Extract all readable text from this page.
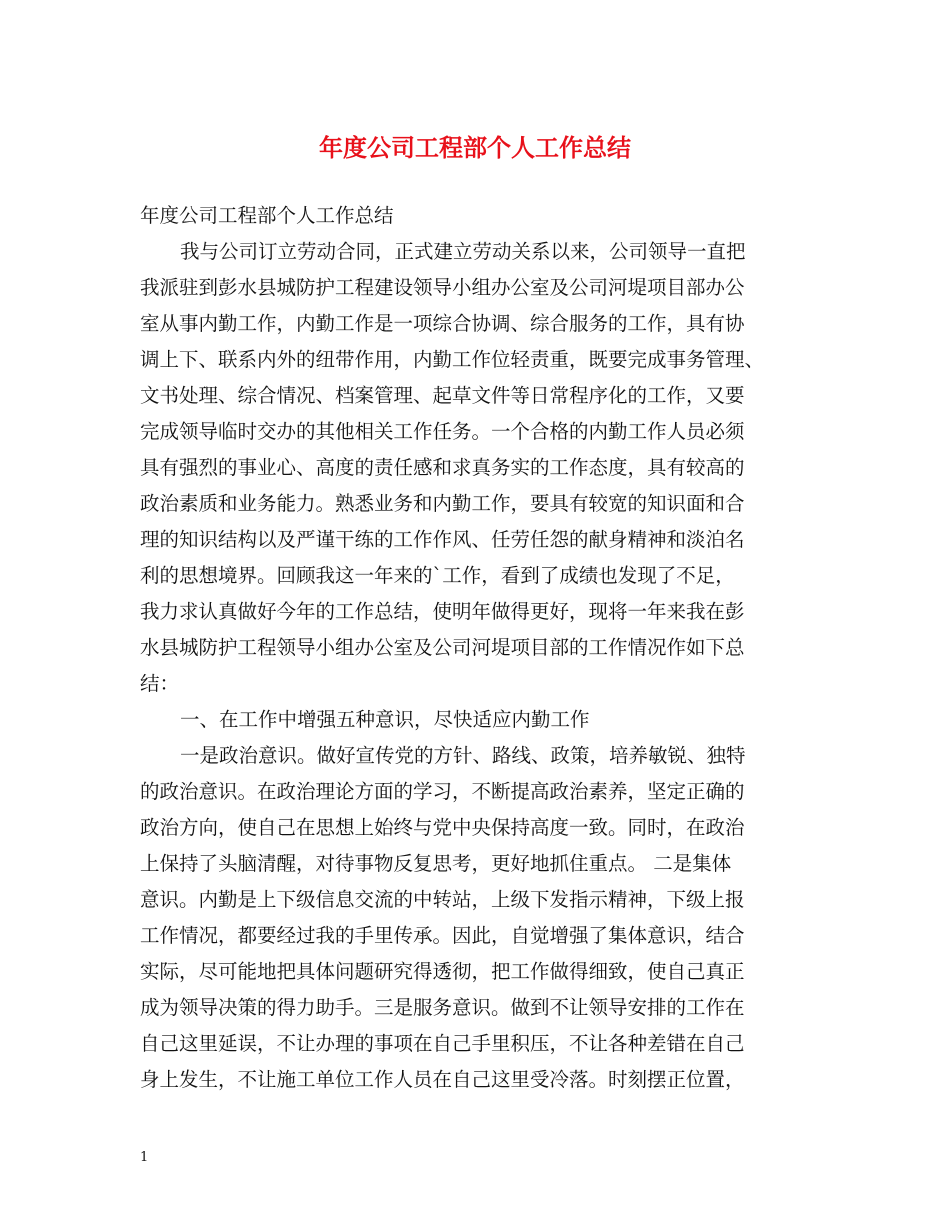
年度公司工程部个人工作总结
年度公司工程部个人工作总结
我与公司订立劳动合同，正式建立劳动关系以来，公司领导一直把
我派驻到彭水县城防护工程建设领导小组办公室及公司河堤项目部办公
室从事内勤工作，内勤工作是一项综合协调、综合服务的工作，具有协
调上下、联系内外的纽带作用，内勤工作位轻责重，既要完成事务管理、
文书处理、综合情况、档案管理、起草文件等日常程序化的工作，又要
完成领导临时交办的其他相关工作任务。一个合格的内勤工作人员必须
具有强烈的事业心、高度的责任感和求真务实的工作态度，具有较高的
政治素质和业务能力。熟悉业务和内勤工作，要具有较宽的知识面和合
理的知识结构以及严谨干练的工作作风、任劳任怨的献身精神和淡泊名
利的思想境界。回顾我这一年来的`工作，看到了成绩也发现了不足，
我力求认真做好今年的工作总结，使明年做得更好，现将一年来我在彭
水县城防护工程领导小组办公室及公司河堤项目部的工作情况作如下总
结：
一、在工作中增强五种意识，尽快适应内勤工作
一是政治意识。做好宣传党的方针、路线、政策，培养敏锐、独特
的政治意识。在政治理论方面的学习，不断提高政治素养，坚定正确的
政治方向，使自己在思想上始终与党中央保持高度一致。同时，在政治
上保持了头脑清醒，对待事物反复思考，更好地抓住重点。 二是集体
意识。内勤是上下级信息交流的中转站，上级下发指示精神，下级上报
工作情况，都要经过我的手里传承。因此，自觉增强了集体意识，结合
实际，尽可能地把具体问题研究得透彻，把工作做得细致，使自己真正
成为领导决策的得力助手。三是服务意识。做到不让领导安排的工作在
自己这里延误，不让办理的事项在自己手里积压，不让各种差错在自己
身上发生，不让施工单位工作人员在自己这里受冷落。时刻摆正位置，
1
